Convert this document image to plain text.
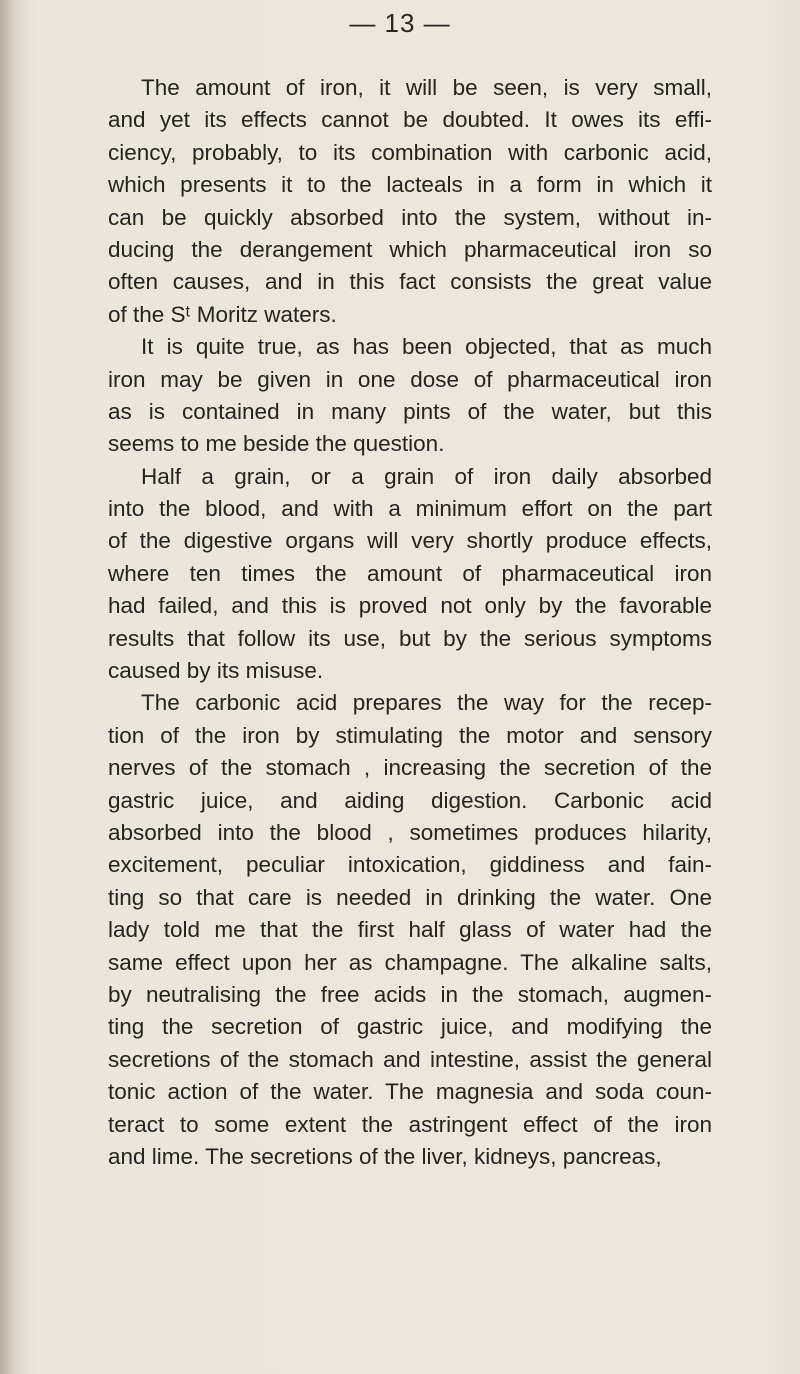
— 13 —
The amount of iron, it will be seen, is very small,
and yet its effects cannot be doubted. It owes its effi-
ciency, probably, to its combination with carbonic acid,
which presents it to the lacteals in a form in which it
can be quickly absorbed into the system, without in-
ducing the derangement which pharmaceutical iron so
often causes, and in this fact consists the great value
of the Sᵗ Moritz waters.
It is quite true, as has been objected, that as much
iron may be given in one dose of pharmaceutical iron
as is contained in many pints of the water, but this
seems to me beside the question.
Half a grain, or a grain of iron daily absorbed
into the blood, and with a minimum effort on the part
of the digestive organs will very shortly produce effects,
where ten times the amount of pharmaceutical iron
had failed, and this is proved not only by the favorable
results that follow its use, but by the serious symptoms
caused by its misuse.
The carbonic acid prepares the way for the recep-
tion of the iron by stimulating the motor and sensory
nerves of the stomach , increasing the secretion of the
gastric juice, and aiding digestion. Carbonic acid
absorbed into the blood , sometimes produces hilarity,
excitement, peculiar intoxication, giddiness and fain-
ting so that care is needed in drinking the water. One
lady told me that the first half glass of water had the
same effect upon her as champagne. The alkaline salts,
by neutralising the free acids in the stomach, augmen-
ting the secretion of gastric juice, and modifying the
secretions of the stomach and intestine, assist the general
tonic action of the water. The magnesia and soda coun-
teract to some extent the astringent effect of the iron
and lime. The secretions of the liver, kidneys, pancreas,
